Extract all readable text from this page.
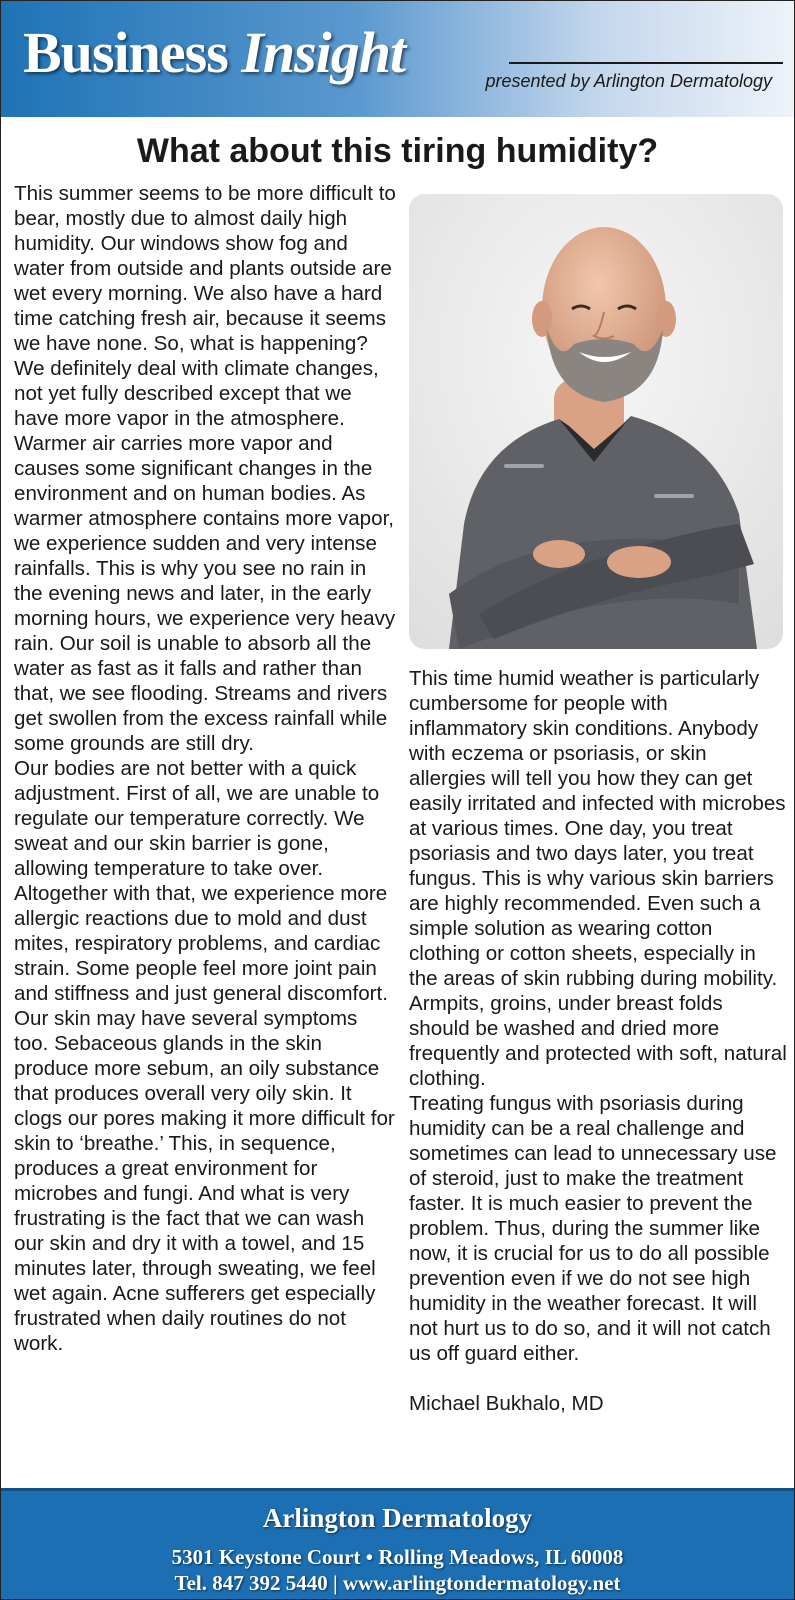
Business Insight	presented by Arlington Dermatology
What about this tiring humidity?

This summer seems to be more difficult to bear, mostly due to almost daily high humidity. Our windows show fog and water from outside and plants outside are wet every morning. We also have a hard time catching fresh air, because it seems we have none. So, what is happening?

We definitely deal with climate changes, not yet fully described except that we have more vapor in the atmosphere. Warmer air carries more vapor and causes some significant changes in the environment and on human bodies. As warmer atmosphere contains more vapor, we experience sudden and very intense rainfalls. This is why you see no rain in the evening news and later, in the early morning hours, we experience very heavy rain. Our soil is unable to absorb all the water as fast as it falls and rather than that, we see flooding. Streams and rivers get swollen from the excess rainfall while some grounds are still dry.

Our bodies are not better with a quick adjustment. First of all, we are unable to regulate our temperature correctly. We sweat and our skin barrier is gone, allowing temperature to take over. Altogether with that, we experience more allergic reactions due to mold and dust mites, respiratory problems, and cardiac strain. Some people feel more joint pain and stiffness and just general discomfort. Our skin may have several symptoms too. Sebaceous glands in the skin produce more sebum, an oily substance that produces overall very oily skin. It clogs our pores making it more difficult for skin to ‘breathe.’ This, in sequence, produces a great environment for microbes and fungi. And what is very frustrating is the fact that we can wash our skin and dry it with a towel, and 15 minutes later, through sweating, we feel wet again. Acne sufferers get especially frustrated when daily routines do not work.

This time humid weather is particularly cumbersome for people with inflammatory skin conditions. Anybody with eczema or psoriasis, or skin allergies will tell you how they can get easily irritated and infected with microbes at various times. One day, you treat psoriasis and two days later, you treat fungus. This is why various skin barriers are highly recommended. Even such a simple solution as wearing cotton clothing or cotton sheets, especially in the areas of skin rubbing during mobility. Armpits, groins, under breast folds should be washed and dried more frequently and protected with soft, natural clothing.

Treating fungus with psoriasis during humidity can be a real challenge and sometimes can lead to unnecessary use of steroid, just to make the treatment faster. It is much easier to prevent the problem. Thus, during the summer like now, it is crucial for us to do all possible prevention even if we do not see high humidity in the weather forecast. It will not hurt us to do so, and it will not catch us off guard either.

Michael Bukhalo, MD

Arlington Dermatology
5301 Keystone Court • Rolling Meadows, IL 60008
Tel. 847 392 5440 | www.arlingtondermatology.net
